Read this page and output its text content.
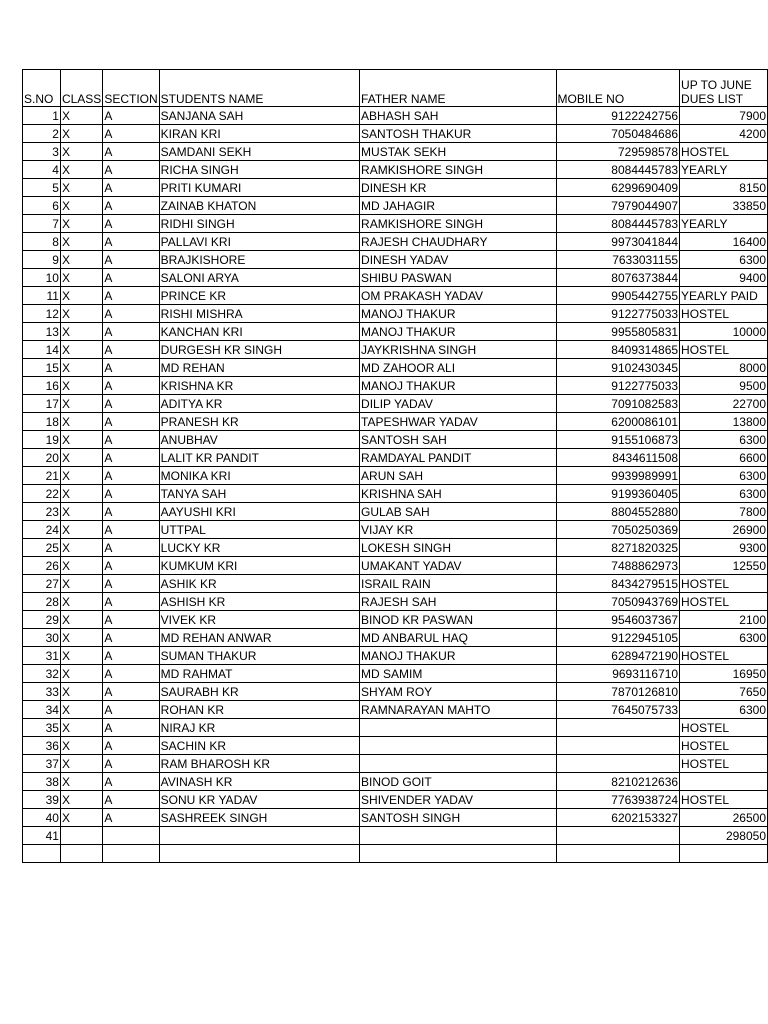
S.NO	CLASS	SECTION	STUDENTS NAME	FATHER NAME	MOBILE NO	UP TO JUNE
DUES LIST

1	X	A	SANJANA SAH	ABHASH SAH	9122242756	7900
2	X	A	KIRAN KRI	SANTOSH THAKUR	7050484686	4200
3	X	A	SAMDANI SEKH	MUSTAK SEKH	729598578	HOSTEL
4	X	A	RICHA SINGH	RAMKISHORE SINGH	8084445783	YEARLY
5	X	A	PRITI KUMARI	DINESH KR	6299690409	8150
6	X	A	ZAINAB KHATON	MD JAHAGIR	7979044907	33850
7	X	A	RIDHI SINGH	RAMKISHORE SINGH	8084445783	YEARLY
8	X	A	PALLAVI KRI	RAJESH CHAUDHARY	9973041844	16400
9	X	A	BRAJKISHORE	DINESH YADAV	7633031155	6300
10	X	A	SALONI ARYA	SHIBU PASWAN	8076373844	9400
11	X	A	PRINCE KR	OM PRAKASH YADAV	9905442755	YEARLY PAID
12	X	A	RISHI MISHRA	MANOJ THAKUR	9122775033	HOSTEL
13	X	A	KANCHAN KRI	MANOJ THAKUR	9955805831	10000
14	X	A	DURGESH KR SINGH	JAYKRISHNA SINGH	8409314865	HOSTEL
15	X	A	MD REHAN	MD ZAHOOR ALI	9102430345	8000
16	X	A	KRISHNA KR	MANOJ THAKUR	9122775033	9500
17	X	A	ADITYA KR	DILIP YADAV	7091082583	22700
18	X	A	PRANESH KR	TAPESHWAR YADAV	6200086101	13800
19	X	A	ANUBHAV	SANTOSH SAH	9155106873	6300
20	X	A	LALIT KR PANDIT	RAMDAYAL PANDIT	8434611508	6600
21	X	A	MONIKA KRI	ARUN SAH	9939989991	6300
22	X	A	TANYA SAH	KRISHNA SAH	9199360405	6300
23	X	A	AAYUSHI KRI	GULAB SAH	8804552880	7800
24	X	A	UTTPAL	VIJAY KR	7050250369	26900
25	X	A	LUCKY KR	LOKESH SINGH	8271820325	9300
26	X	A	KUMKUM KRI	UMAKANT YADAV	7488862973	12550
27	X	A	ASHIK KR	ISRAIL RAIN	8434279515	HOSTEL
28	X	A	ASHISH KR	RAJESH SAH	7050943769	HOSTEL
29	X	A	VIVEK KR	BINOD KR PASWAN	9546037367	2100
30	X	A	MD REHAN ANWAR	MD ANBARUL HAQ	9122945105	6300
31	X	A	SUMAN THAKUR	MANOJ THAKUR	6289472190	HOSTEL
32	X	A	MD RAHMAT	MD SAMIM	9693116710	16950
33	X	A	SAURABH KR	SHYAM ROY	7870126810	7650
34	X	A	ROHAN KR	RAMNARAYAN MAHTO	7645075733	6300
35	X	A	NIRAJ KR			HOSTEL
36	X	A	SACHIN KR			HOSTEL
37	X	A	RAM BHAROSH KR			HOSTEL
38	X	A	AVINASH KR	BINOD GOIT	8210212636	
39	X	A	SONU KR YADAV	SHIVENDER YADAV	7763938724	HOSTEL
40	X	A	SASHREEK SINGH	SANTOSH SINGH	6202153327	26500
41						298050
